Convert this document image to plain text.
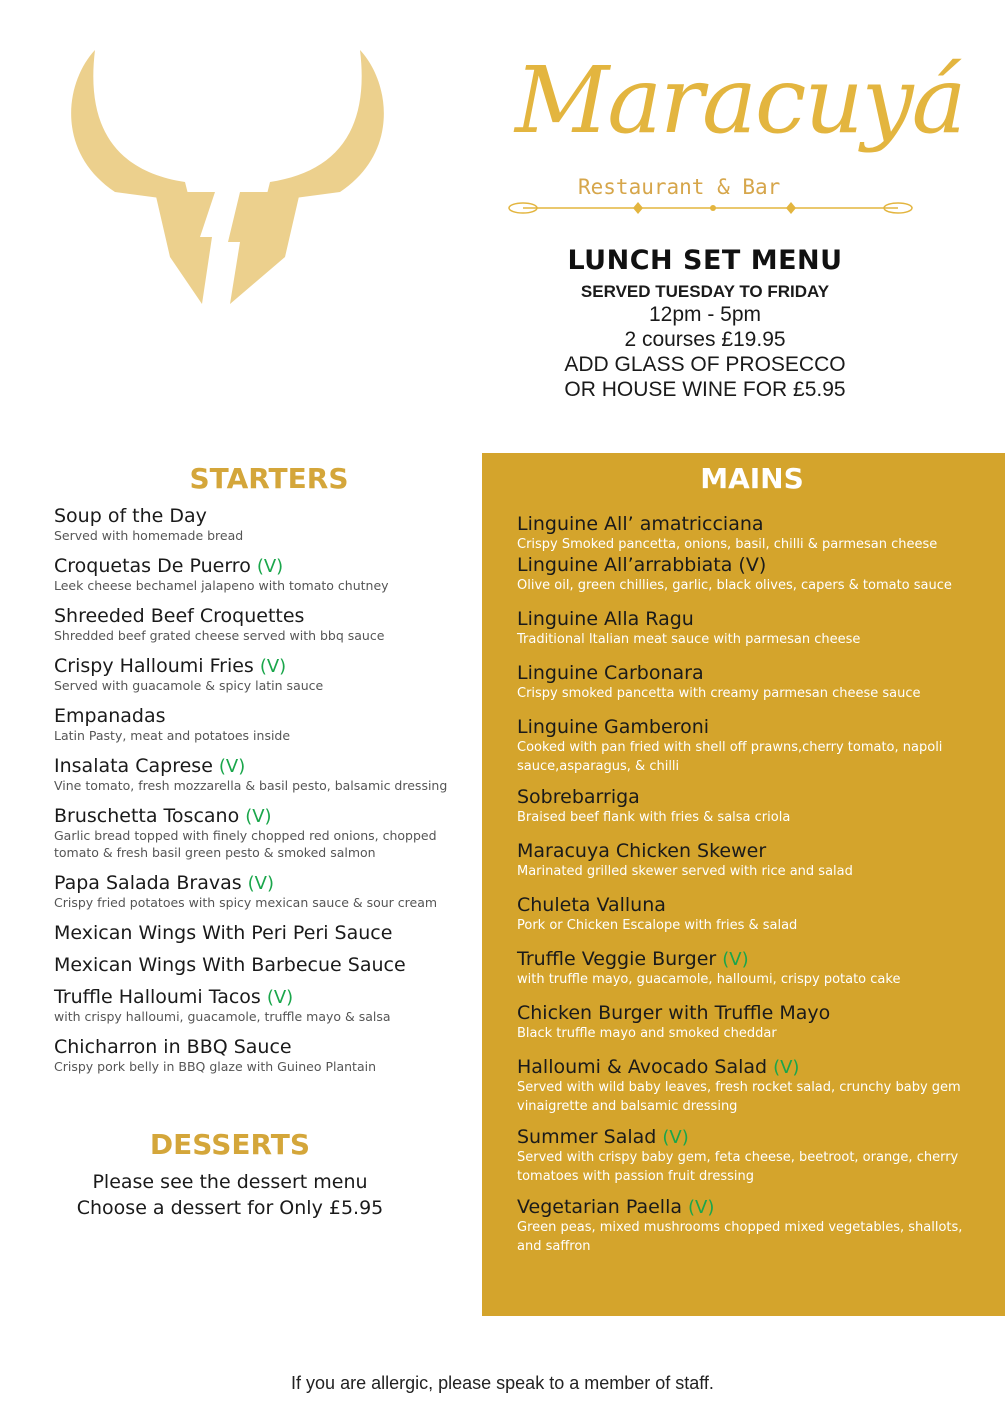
Maracuyá
Restaurant & Bar
LUNCH SET MENU
SERVED TUESDAY TO FRIDAY
12pm - 5pm
2 courses £19.95
ADD GLASS OF PROSECCO
OR HOUSE WINE FOR £5.95
STARTERS
Soup of the Day
Served with homemade bread
Croquetas De Puerro (V)
Leek cheese bechamel jalapeno with tomato chutney
Shreeded Beef Croquettes
Shredded beef grated cheese served with bbq sauce
Crispy Halloumi Fries (V)
Served with guacamole & spicy latin sauce
Empanadas
Latin Pasty, meat and potatoes inside
Insalata Caprese (V)
Vine tomato, fresh mozzarella & basil pesto, balsamic dressing
Bruschetta Toscano (V)
Garlic bread topped with finely chopped red onions, chopped tomato & fresh basil green pesto & smoked salmon
Papa Salada Bravas (V)
Crispy fried potatoes with spicy mexican sauce & sour cream
Mexican Wings With Peri Peri Sauce
Mexican Wings With Barbecue Sauce
Truffle Halloumi Tacos (V)
with crispy halloumi, guacamole, truffle mayo & salsa
Chicharron in BBQ Sauce
Crispy pork belly in BBQ glaze with Guineo Plantain
MAINS
Linguine All’ amatricciana
Crispy Smoked pancetta, onions, basil, chilli & parmesan cheese
Linguine All’arrabbiata (V)
Olive oil, green chillies, garlic, black olives, capers & tomato sauce
Linguine Alla Ragu
Traditional Italian meat sauce with parmesan cheese
Linguine Carbonara
Crispy smoked pancetta with creamy parmesan cheese sauce
Linguine Gamberoni
Cooked with pan fried with shell off prawns,cherry tomato, napoli sauce,asparagus, & chilli
Sobrebarriga
Braised beef flank with fries & salsa criola
Maracuya Chicken Skewer
Marinated grilled skewer served with rice and salad
Chuleta Valluna
Pork or Chicken Escalope with fries & salad
Truffle Veggie Burger (V)
with truffle mayo, guacamole, halloumi, crispy potato cake
Chicken Burger with Truffle Mayo
Black truffle mayo and smoked cheddar
Halloumi & Avocado Salad (V)
Served with wild baby leaves, fresh rocket salad, crunchy baby gem vinaigrette and balsamic dressing
Summer Salad (V)
Served with crispy baby gem, feta cheese, beetroot, orange, cherry tomatoes with passion fruit dressing
Vegetarian Paella (V)
Green peas, mixed mushrooms chopped mixed vegetables, shallots, and saffron
DESSERTS
Please see the dessert menu
Choose a dessert for Only £5.95
If you are allergic, please speak to a member of staff.
